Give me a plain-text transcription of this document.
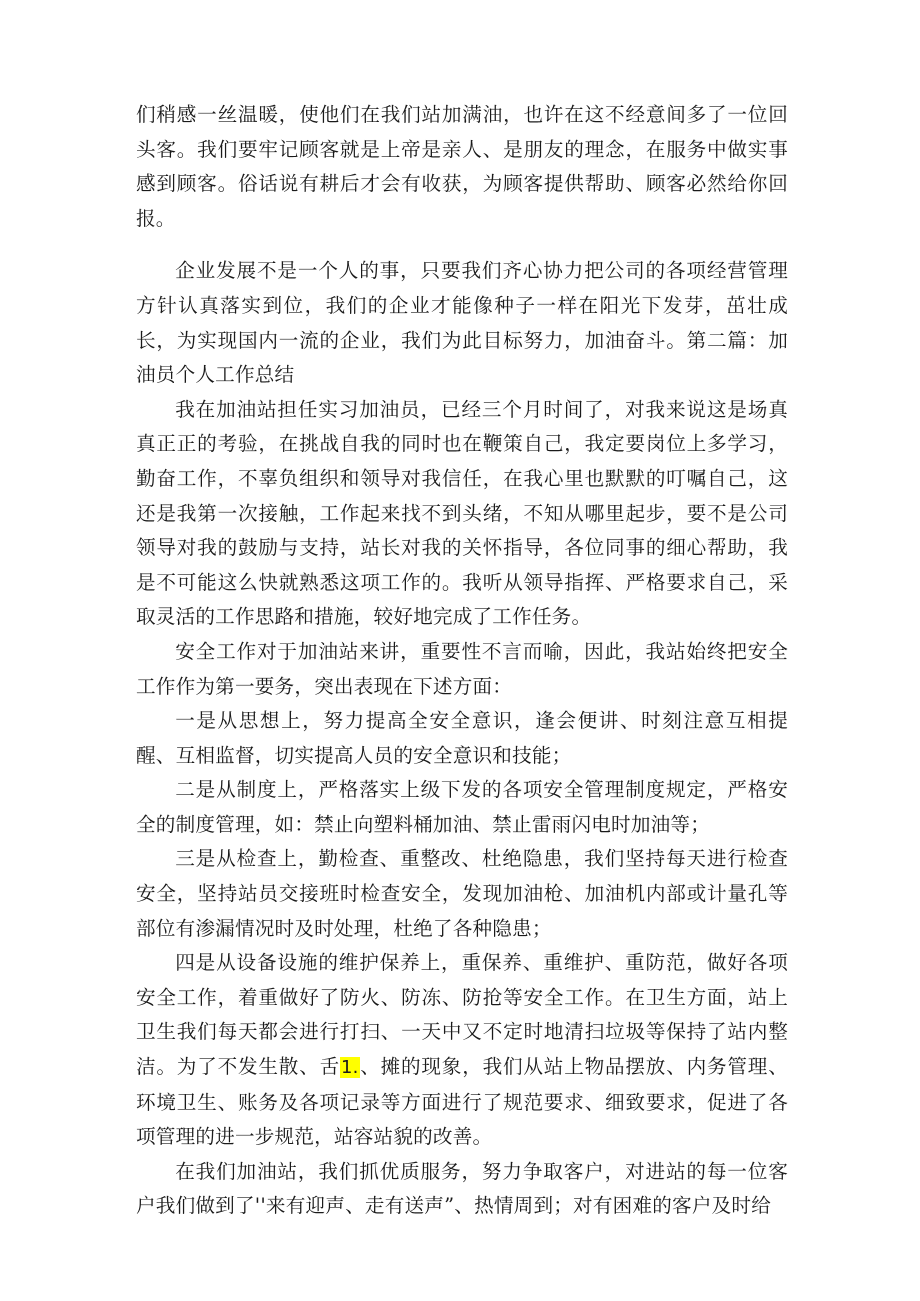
们稍感一丝温暖，使他们在我们站加满油，也许在这不经意间多了一位回头客。我们要牢记顾客就是上帝是亲人、是朋友的理念，在服务中做实事感到顾客。俗话说有耕后才会有收获，为顾客提供帮助、顾客必然给你回报。

企业发展不是一个人的事，只要我们齐心协力把公司的各项经营管理方针认真落实到位，我们的企业才能像种子一样在阳光下发芽，茁壮成长，为实现国内一流的企业，我们为此目标努力，加油奋斗。第二篇：加油员个人工作总结

我在加油站担任实习加油员，已经三个月时间了，对我来说这是场真真正正的考验，在挑战自我的同时也在鞭策自己，我定要岗位上多学习，勤奋工作，不辜负组织和领导对我信任，在我心里也默默的叮嘱自己，这还是我第一次接触，工作起来找不到头绪，不知从哪里起步，要不是公司领导对我的鼓励与支持，站长对我的关怀指导，各位同事的细心帮助，我是不可能这么快就熟悉这项工作的。我听从领导指挥、严格要求自己，采取灵活的工作思路和措施，较好地完成了工作任务。

安全工作对于加油站来讲，重要性不言而喻，因此，我站始终把安全工作作为第一要务，突出表现在下述方面：

一是从思想上，努力提高全安全意识，逢会便讲、时刻注意互相提醒、互相监督，切实提高人员的安全意识和技能；

二是从制度上，严格落实上级下发的各项安全管理制度规定，严格安全的制度管理，如：禁止向塑料桶加油、禁止雷雨闪电时加油等；

三是从检查上，勤检查、重整改、杜绝隐患，我们坚持每天进行检查安全，坚持站员交接班时检查安全，发现加油枪、加油机内部或计量孔等部位有渗漏情况时及时处理，杜绝了各种隐患；

四是从设备设施的维护保养上，重保养、重维护、重防范，做好各项安全工作，着重做好了防火、防冻、防抢等安全工作。在卫生方面，站上卫生我们每天都会进行打扫、一天中又不定时地清扫垃圾等保持了站内整洁。为了不发生散、舌1.、摊的现象，我们从站上物品摆放、内务管理、环境卫生、账务及各项记录等方面进行了规范要求、细致要求，促进了各项管理的进一步规范，站容站貌的改善。

在我们加油站，我们抓优质服务，努力争取客户，对进站的每一位客户我们做到了''来有迎声、走有送声”、热情周到；对有困难的客户及时给
